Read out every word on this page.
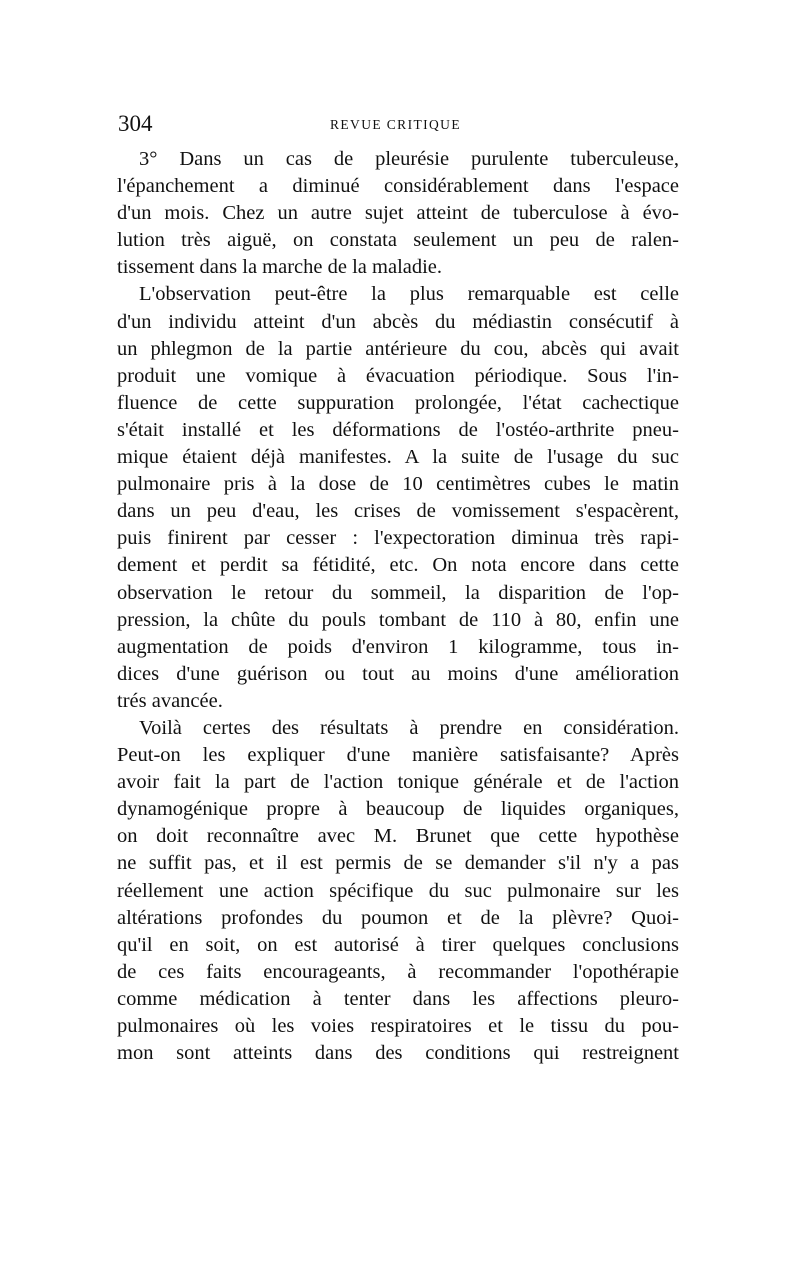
304	REVUE CRITIQUE
3° Dans un cas de pleurésie purulente tuberculeuse,
l'épanchement a diminué considérablement dans l'espace
d'un mois. Chez un autre sujet atteint de tuberculose à évo-
lution très aiguë, on constata seulement un peu de ralen-
tissement dans la marche de la maladie.
L'observation peut-être la plus remarquable est celle
d'un individu atteint d'un abcès du médiastin consécutif à
un phlegmon de la partie antérieure du cou, abcès qui avait
produit une vomique à évacuation périodique. Sous l'in-
fluence de cette suppuration prolongée, l'état cachectique
s'était installé et les déformations de l'ostéo-arthrite pneu-
mique étaient déjà manifestes. A la suite de l'usage du suc
pulmonaire pris à la dose de 10 centimètres cubes le matin
dans un peu d'eau, les crises de vomissement s'espacèrent,
puis finirent par cesser : l'expectoration diminua très rapi-
dement et perdit sa fétidité, etc. On nota encore dans cette
observation le retour du sommeil, la disparition de l'op-
pression, la chûte du pouls tombant de 110 à 80, enfin une
augmentation de poids d'environ 1 kilogramme, tous in-
dices d'une guérison ou tout au moins d'une amélioration
trés avancée.
Voilà certes des résultats à prendre en considération.
Peut-on les expliquer d'une manière satisfaisante? Après
avoir fait la part de l'action tonique générale et de l'action
dynamogénique propre à beaucoup de liquides organiques,
on doit reconnaître avec M. Brunet que cette hypothèse
ne suffit pas, et il est permis de se demander s'il n'y a pas
réellement une action spécifique du suc pulmonaire sur les
altérations profondes du poumon et de la plèvre? Quoi-
qu'il en soit, on est autorisé à tirer quelques conclusions
de ces faits encourageants, à recommander l'opothérapie
comme médication à tenter dans les affections pleuro-
pulmonaires où les voies respiratoires et le tissu du pou-
mon sont atteints dans des conditions qui restreignent
